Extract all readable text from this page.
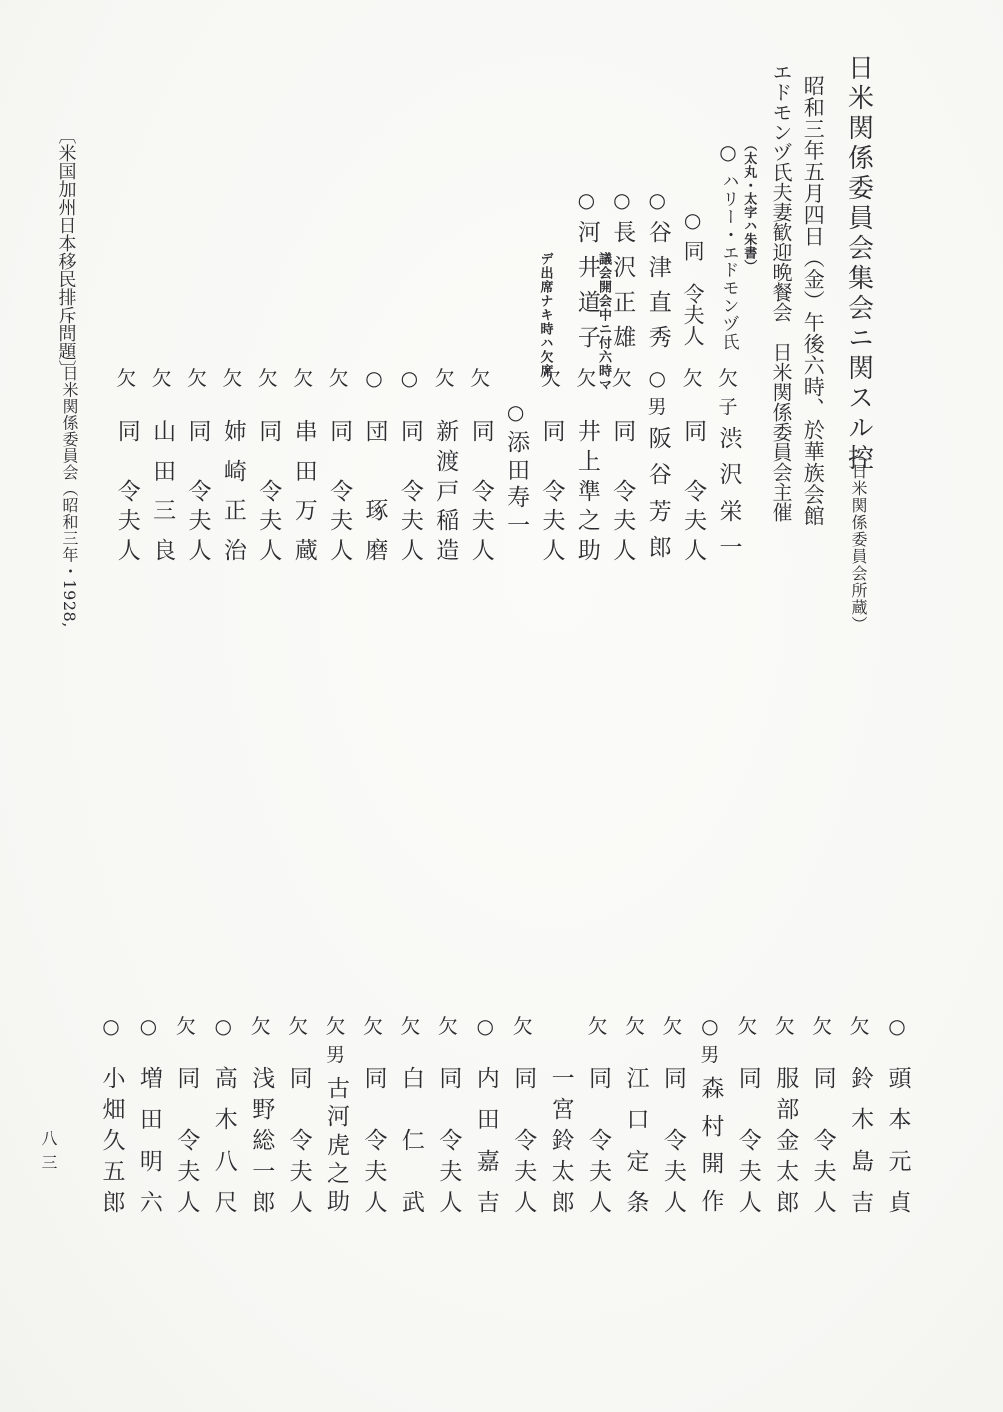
日米関係委員会集会ニ関スル控
（日米関係委員会所蔵）
昭和三年五月四日（金）午後六時、於華族会館
エドモンヅ氏夫妻歓迎晩餐会　日米関係委員会主催
（太丸・太字ハ朱書）

議会開会中ニ付六時マ

デ出席ナキ時ハ欠席

○
ハ
リ
ー
・
エ
ド
モ
ン
ヅ
氏
○
同

令
夫
人
○
谷
津
直
秀
○
長
沢
正
雄
○
河
井
道
子
欠
子
渋
沢
栄
一
欠
同

令
夫
人
○
男
阪
谷
芳
郎
欠
同

令
夫
人
欠
井
上
準
之
助
欠
同

令
夫
人
○
添
田
寿
一
欠
同

令
夫
人
欠
新
渡
戸
稲
造
○
同

令
夫
人
○
団

琢
磨
欠
同

令
夫
人
欠
串
田
万
蔵
欠
同

令
夫
人
欠
姉
崎
正
治
欠
同

令
夫
人
欠
山
田
三
良
欠
同

令
夫
人
○
頭
本
元
貞
欠
鈴
木
島
吉
欠
同

令
夫
人
欠
服
部
金
太
郎
欠
同

令
夫
人
○
男
森
村
開
作
欠
同

令
夫
人
欠
江
口
定
条
欠
同

令
夫
人
一
宮
鈴
太
郎
欠
同

令
夫
人
○
内
田
嘉
吉
欠
同

令
夫
人
欠
白
仁
武
欠
同

令
夫
人
欠
男
古
河
虎
之
助
欠
同

令
夫
人
欠
浅
野
総
一
郎
○
高
木
八
尺
欠
同

令
夫
人
○
増
田
明
六
○
小
畑
久
五
郎
〔米国加州日本移民排斥問題〕
日米関係委員会（昭和三年・1928,
八三
